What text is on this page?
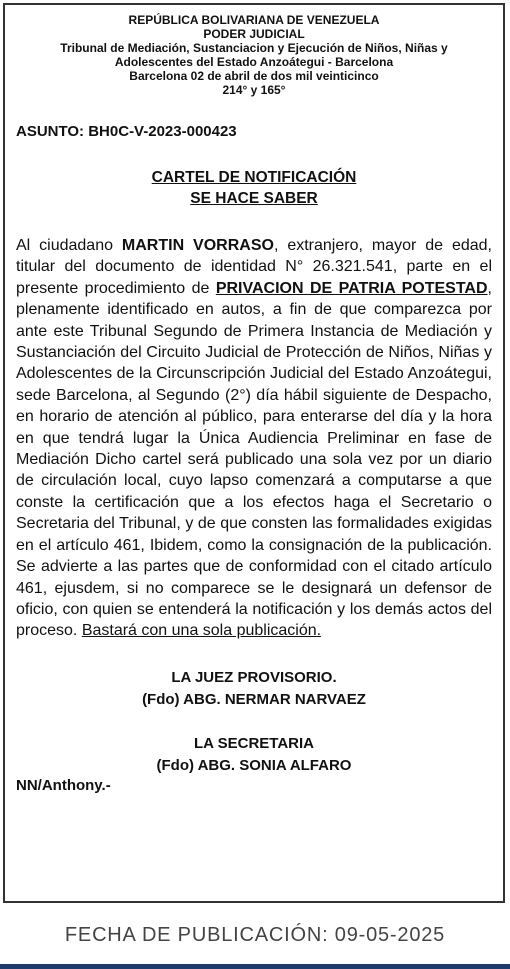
REPÚBLICA BOLIVARIANA DE VENEZUELA
PODER JUDICIAL
Tribunal de Mediación, Sustanciacion y Ejecución de Niños, Niñas y
Adolescentes del Estado Anzoátegui - Barcelona
Barcelona 02 de abril de dos mil veinticinco
214° y 165°
ASUNTO: BH0C-V-2023-000423
CARTEL DE NOTIFICACIÓN
SE HACE SABER
Al ciudadano MARTIN VORRASO, extranjero, mayor de edad, titular del documento de identidad N° 26.321.541, parte en el presente procedimiento de PRIVACION DE PATRIA POTESTAD, plenamente identificado en autos, a fin de que comparezca por ante este Tribunal Segundo de Primera Instancia de Mediación y Sustanciación del Circuito Judicial de Protección de Niños, Niñas y Adolescentes de la Circunscripción Judicial del Estado Anzoátegui, sede Barcelona, al Segundo (2°) día hábil siguiente de Despacho, en horario de atención al público, para enterarse del día y la hora en que tendrá lugar la Única Audiencia Preliminar en fase de Mediación Dicho cartel será publicado una sola vez por un diario de circulación local, cuyo lapso comenzará a computarse a que conste la certificación que a los efectos haga el Secretario o Secretaria del Tribunal, y de que consten las formalidades exigidas en el artículo 461, Ibidem, como la consignación de la publicación. Se advierte a las partes que de conformidad con el citado artículo 461, ejusdem, si no comparece se le designará un defensor de oficio, con quien se entenderá la notificación y los demás actos del proceso. Bastará con una sola publicación.
LA JUEZ PROVISORIO.
(Fdo) ABG. NERMAR NARVAEZ
LA SECRETARIA
(Fdo) ABG. SONIA ALFARO
NN/Anthony.-
FECHA DE PUBLICACIÓN: 09-05-2025
